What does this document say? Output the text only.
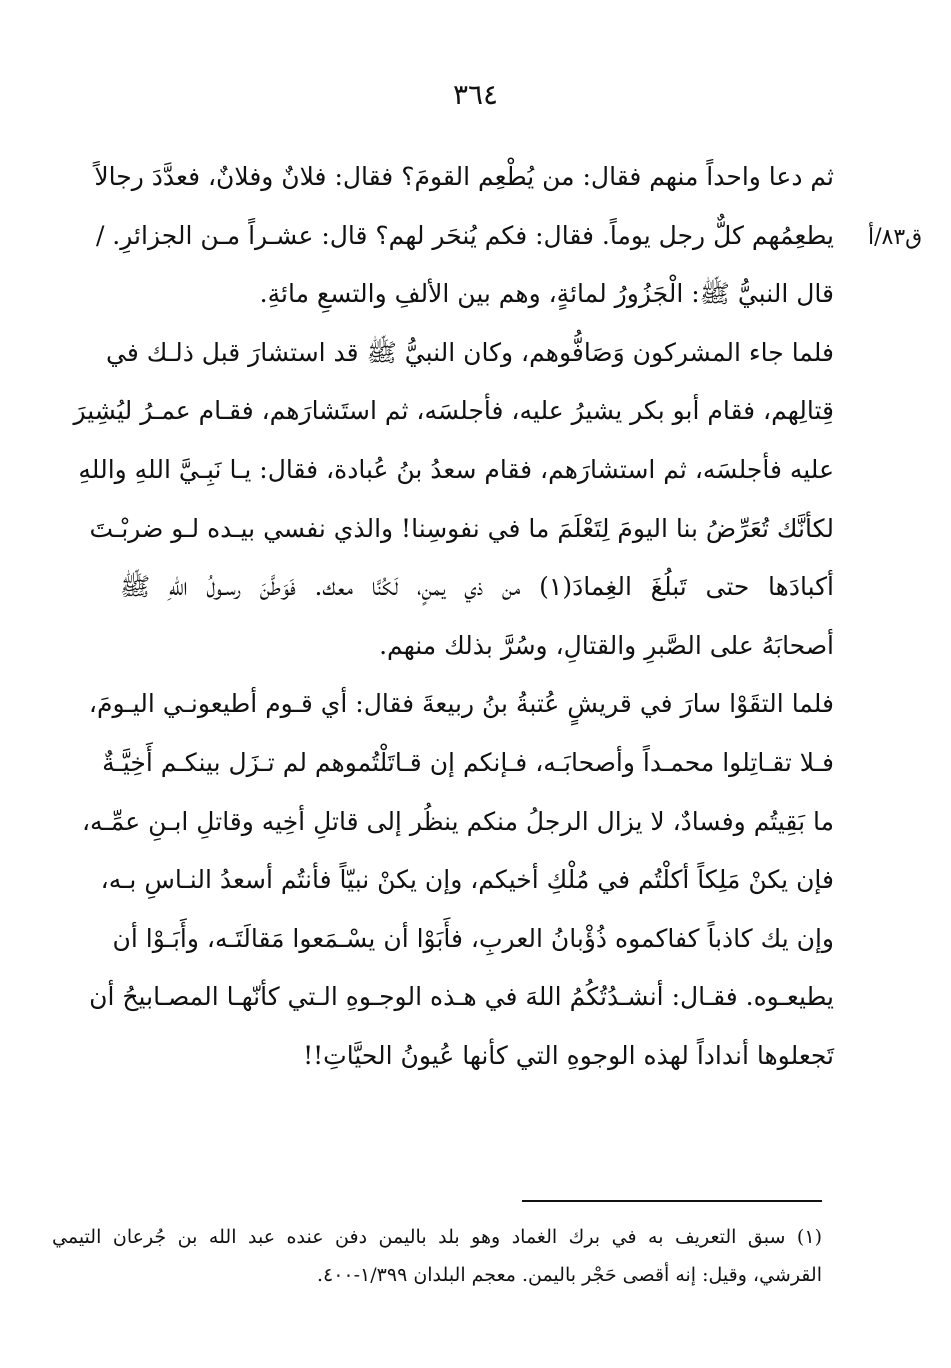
٣٦٤
ق٨٣/أ
ثم دعا واحداً منهم فقال: من يُطْعِم القومَ؟ فقال: فلانٌ وفلانٌ، فعدَّدَ رجالاً
يطعِمُهم كلٌّ رجل يوماً. فقال: فكم يُنحَر لهم؟ قال: عشـراً مـن الجزائرِ. /
قال النبيُّ ﷺ: الْجَزُورُ لمائةٍ، وهم بين الألفِ والتسعِ مائةِ.
فلما جاء المشركون وَصَافُّوهم، وكان النبيُّ ﷺ قد استشارَ قبل ذلـك في
قِتالِهم، فقام أبو بكر يشيرُ عليه، فأجلسَه، ثم استَشارَهم، فقـام عمـرُ ليُشِيرَ
عليه فأجلسَه، ثم استشارَهم، فقام سعدُ بنُ عُبادة، فقال: يـا نَبِـيَّ اللهِ واللهِ
لكأنَّك تُعَرِّضُ بنا اليومَ لِتَعْلَمَ ما في نفوسِنا! والذي نفسي بيـده لـو ضربْـتَ
أكبادَها حتى تَبلُغَ الغِمادَ(١) من ذي يمنٍ، لَكُنَّا معك. فَوَطَّنَ رسـولُ اللهِ ﷺ
أصحابَهُ على الصَّبرِ والقتالِ، وسُرَّ بذلك منهم.
فلما التقَوْا سارَ في قريشٍ عُتبةُ بنُ ربيعةَ فقال: أي قـوم أطيعونـي اليـومَ،
فـلا تقـاتِلوا محمـداً وأصحابَـه، فـإنكم إن قـاتَلْتُموهم لم تـزَل بينكـم أَخِيَّـةٌ
ما بَقِيتُم وفسادٌ، لا يزال الرجلُ منكم ينظُر إلى قاتلِ أخِيه وقاتلِ ابـنِ عمِّـه،
فإن يكنْ مَلِكاً أكلْتُم في مُلْكِ أخيكم، وإن يكنْ نبيّاً فأنتُم أسعدُ النـاسِ بـه،
وإن يك كاذباً كفاكموه ذُؤْبانُ العربِ، فأَبَوْا أن يسْـمَعوا مَقالَتَـه، وأَبَـوْا أن
يطيعـوه. فقـال: أنشـدُتُكُمُ اللهَ في هـذه الوجـوهِ الـتي كأنّهـا المصـابيحُ أن
تَجعلوها أنداداً لهذه الوجوهِ التي كأنها عُيونُ الحيَّاتِ!!
(١) سبق التعريف به في برك الغماد وهو بلد باليمن دفن عنده عبد الله بن جُرعان التيمي
القرشي، وقيل: إنه أقصى حَجْر باليمن. معجم البلدان ١/٣٩٩-٤٠٠.
